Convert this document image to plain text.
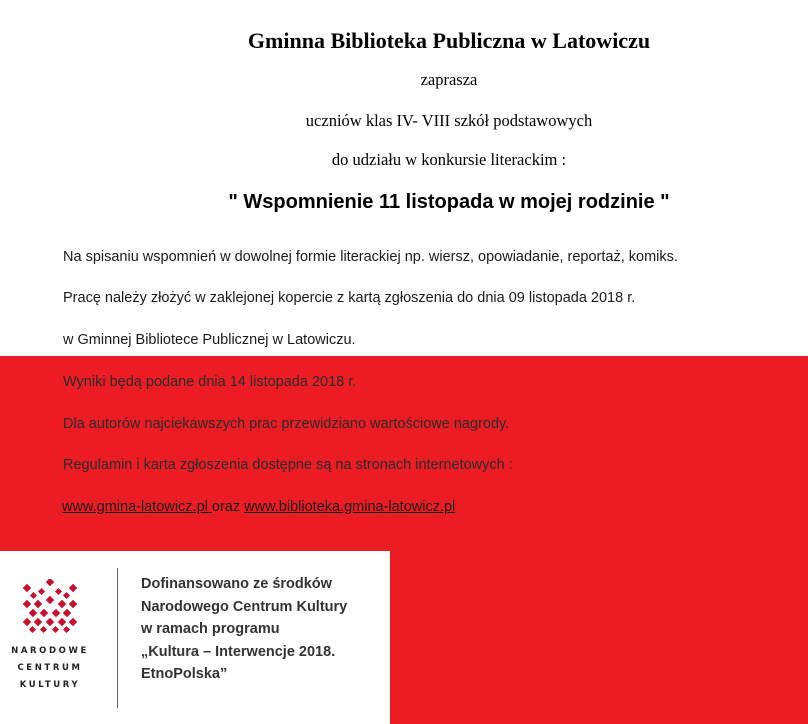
Gminna Biblioteka Publiczna w Latowiczu
zaprasza
uczniów klas IV- VIII szkół podstawowych
do udziału w konkursie literackim :
" Wspomnienie 11 listopada w mojej rodzinie "
Na spisaniu wspomnień w dowolnej formie literackiej np. wiersz, opowiadanie, reportaż, komiks.
Pracę należy złożyć w zaklejonej kopercie z kartą zgłoszenia do dnia 09 listopada 2018 r.
w Gminnej Bibliotece Publicznej w Latowiczu.
Wyniki będą podane dnia 14 listopada 2018 r.
Dla autorów najciekawszych prac przewidziano wartościowe nagrody.
Regulamin i karta zgłoszenia dostępne są na stronach internetowych :
www.gmina-latowicz.pl oraz www.biblioteka.gmina-latowicz.pl
NARODOWE
CENTRUM
KULTURY
Dofinansowano ze środków
Narodowego Centrum Kultury
w ramach programu
„Kultura – Interwencje 2018.
EtnoPolska”
